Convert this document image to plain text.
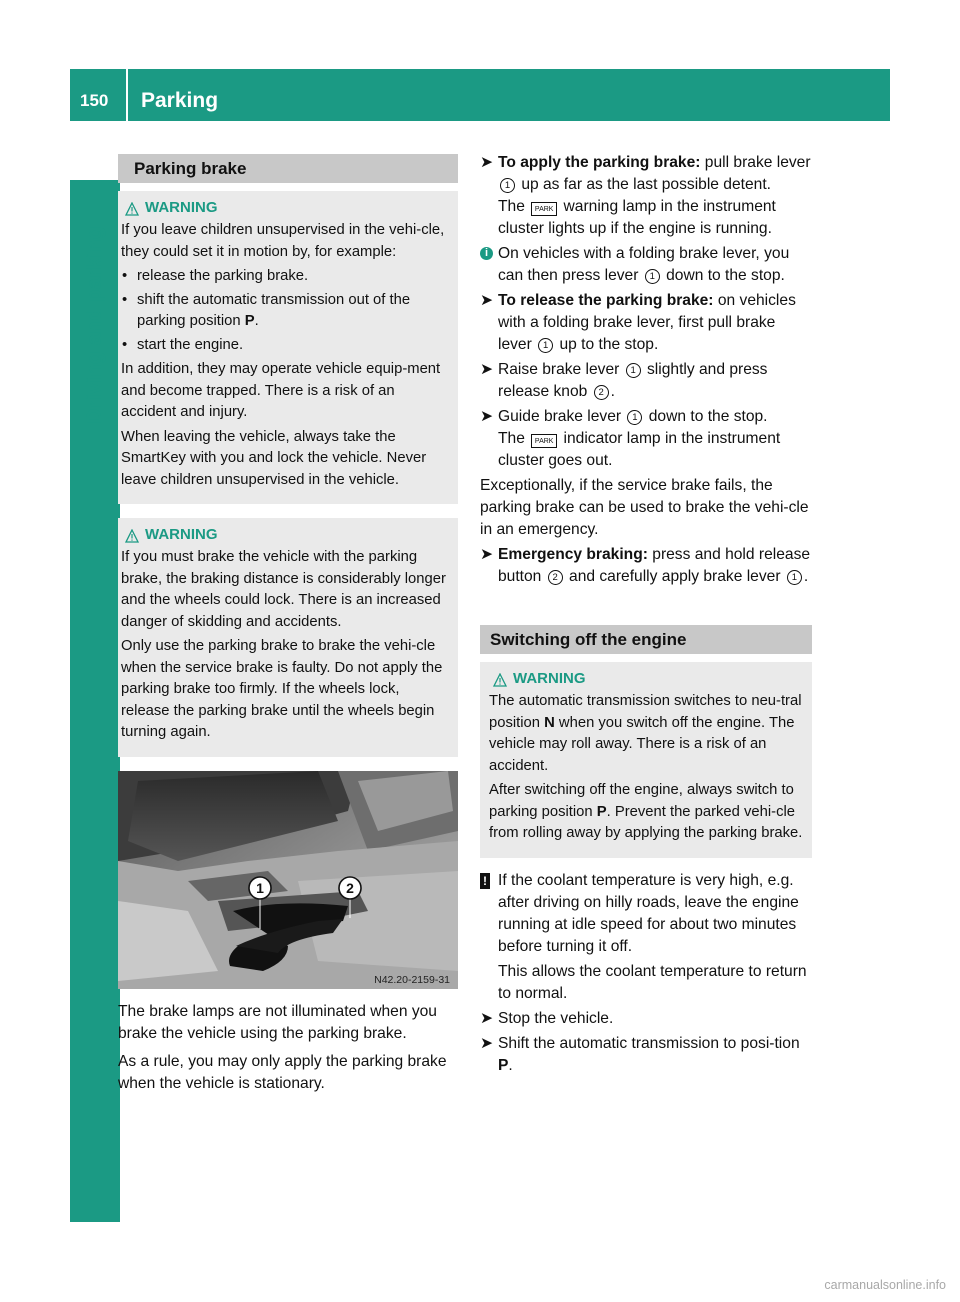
150 Parking
Driving and parking
Parking brake
WARNING

If you leave children unsupervised in the vehi-cle, they could set it in motion by, for example:

• release the parking brake.
• shift the automatic transmission out of the parking position P.
• start the engine.

In addition, they may operate vehicle equip-ment and become trapped. There is a risk of an accident and injury.

When leaving the vehicle, always take the SmartKey with you and lock the vehicle. Never leave children unsupervised in the vehicle.

WARNING

If you must brake the vehicle with the parking brake, the braking distance is considerably longer and the wheels could lock. There is an increased danger of skidding and accidents.

Only use the parking brake to brake the vehi-cle when the service brake is faulty. Do not apply the parking brake too firmly. If the wheels lock, release the parking brake until the wheels begin turning again.

1	2
N42.20-2159-31

The brake lamps are not illuminated when you brake the vehicle using the parking brake.

As a rule, you may only apply the parking brake when the vehicle is stationary.

➤ To apply the parking brake: pull brake lever 1 up as far as the last possible detent.
The PARK warning lamp in the instrument cluster lights up if the engine is running.
i On vehicles with a folding brake lever, you can then press lever 1 down to the stop.
➤ To release the parking brake: on vehicles with a folding brake lever, first pull brake lever 1 up to the stop.
➤ Raise brake lever 1 slightly and press release knob 2 .
➤ Guide brake lever 1 down to the stop.
The PARK indicator lamp in the instrument cluster goes out.

Exceptionally, if the service brake fails, the parking brake can be used to brake the vehi-cle in an emergency.

➤ Emergency braking: press and hold release button 2 and carefully apply brake lever 1 .
Switching off the engine
WARNING

The automatic transmission switches to neu-tral position N when you switch off the engine. The vehicle may roll away. There is a risk of an accident.

After switching off the engine, always switch to parking position P. Prevent the parked vehi-cle from rolling away by applying the parking brake.

! If the coolant temperature is very high, e.g. after driving on hilly roads, leave the engine running at idle speed for about two minutes before turning it off.

This allows the coolant temperature to return to normal.

➤ Stop the vehicle.
➤ Shift the automatic transmission to posi-tion P.
carmanualsonline.info
